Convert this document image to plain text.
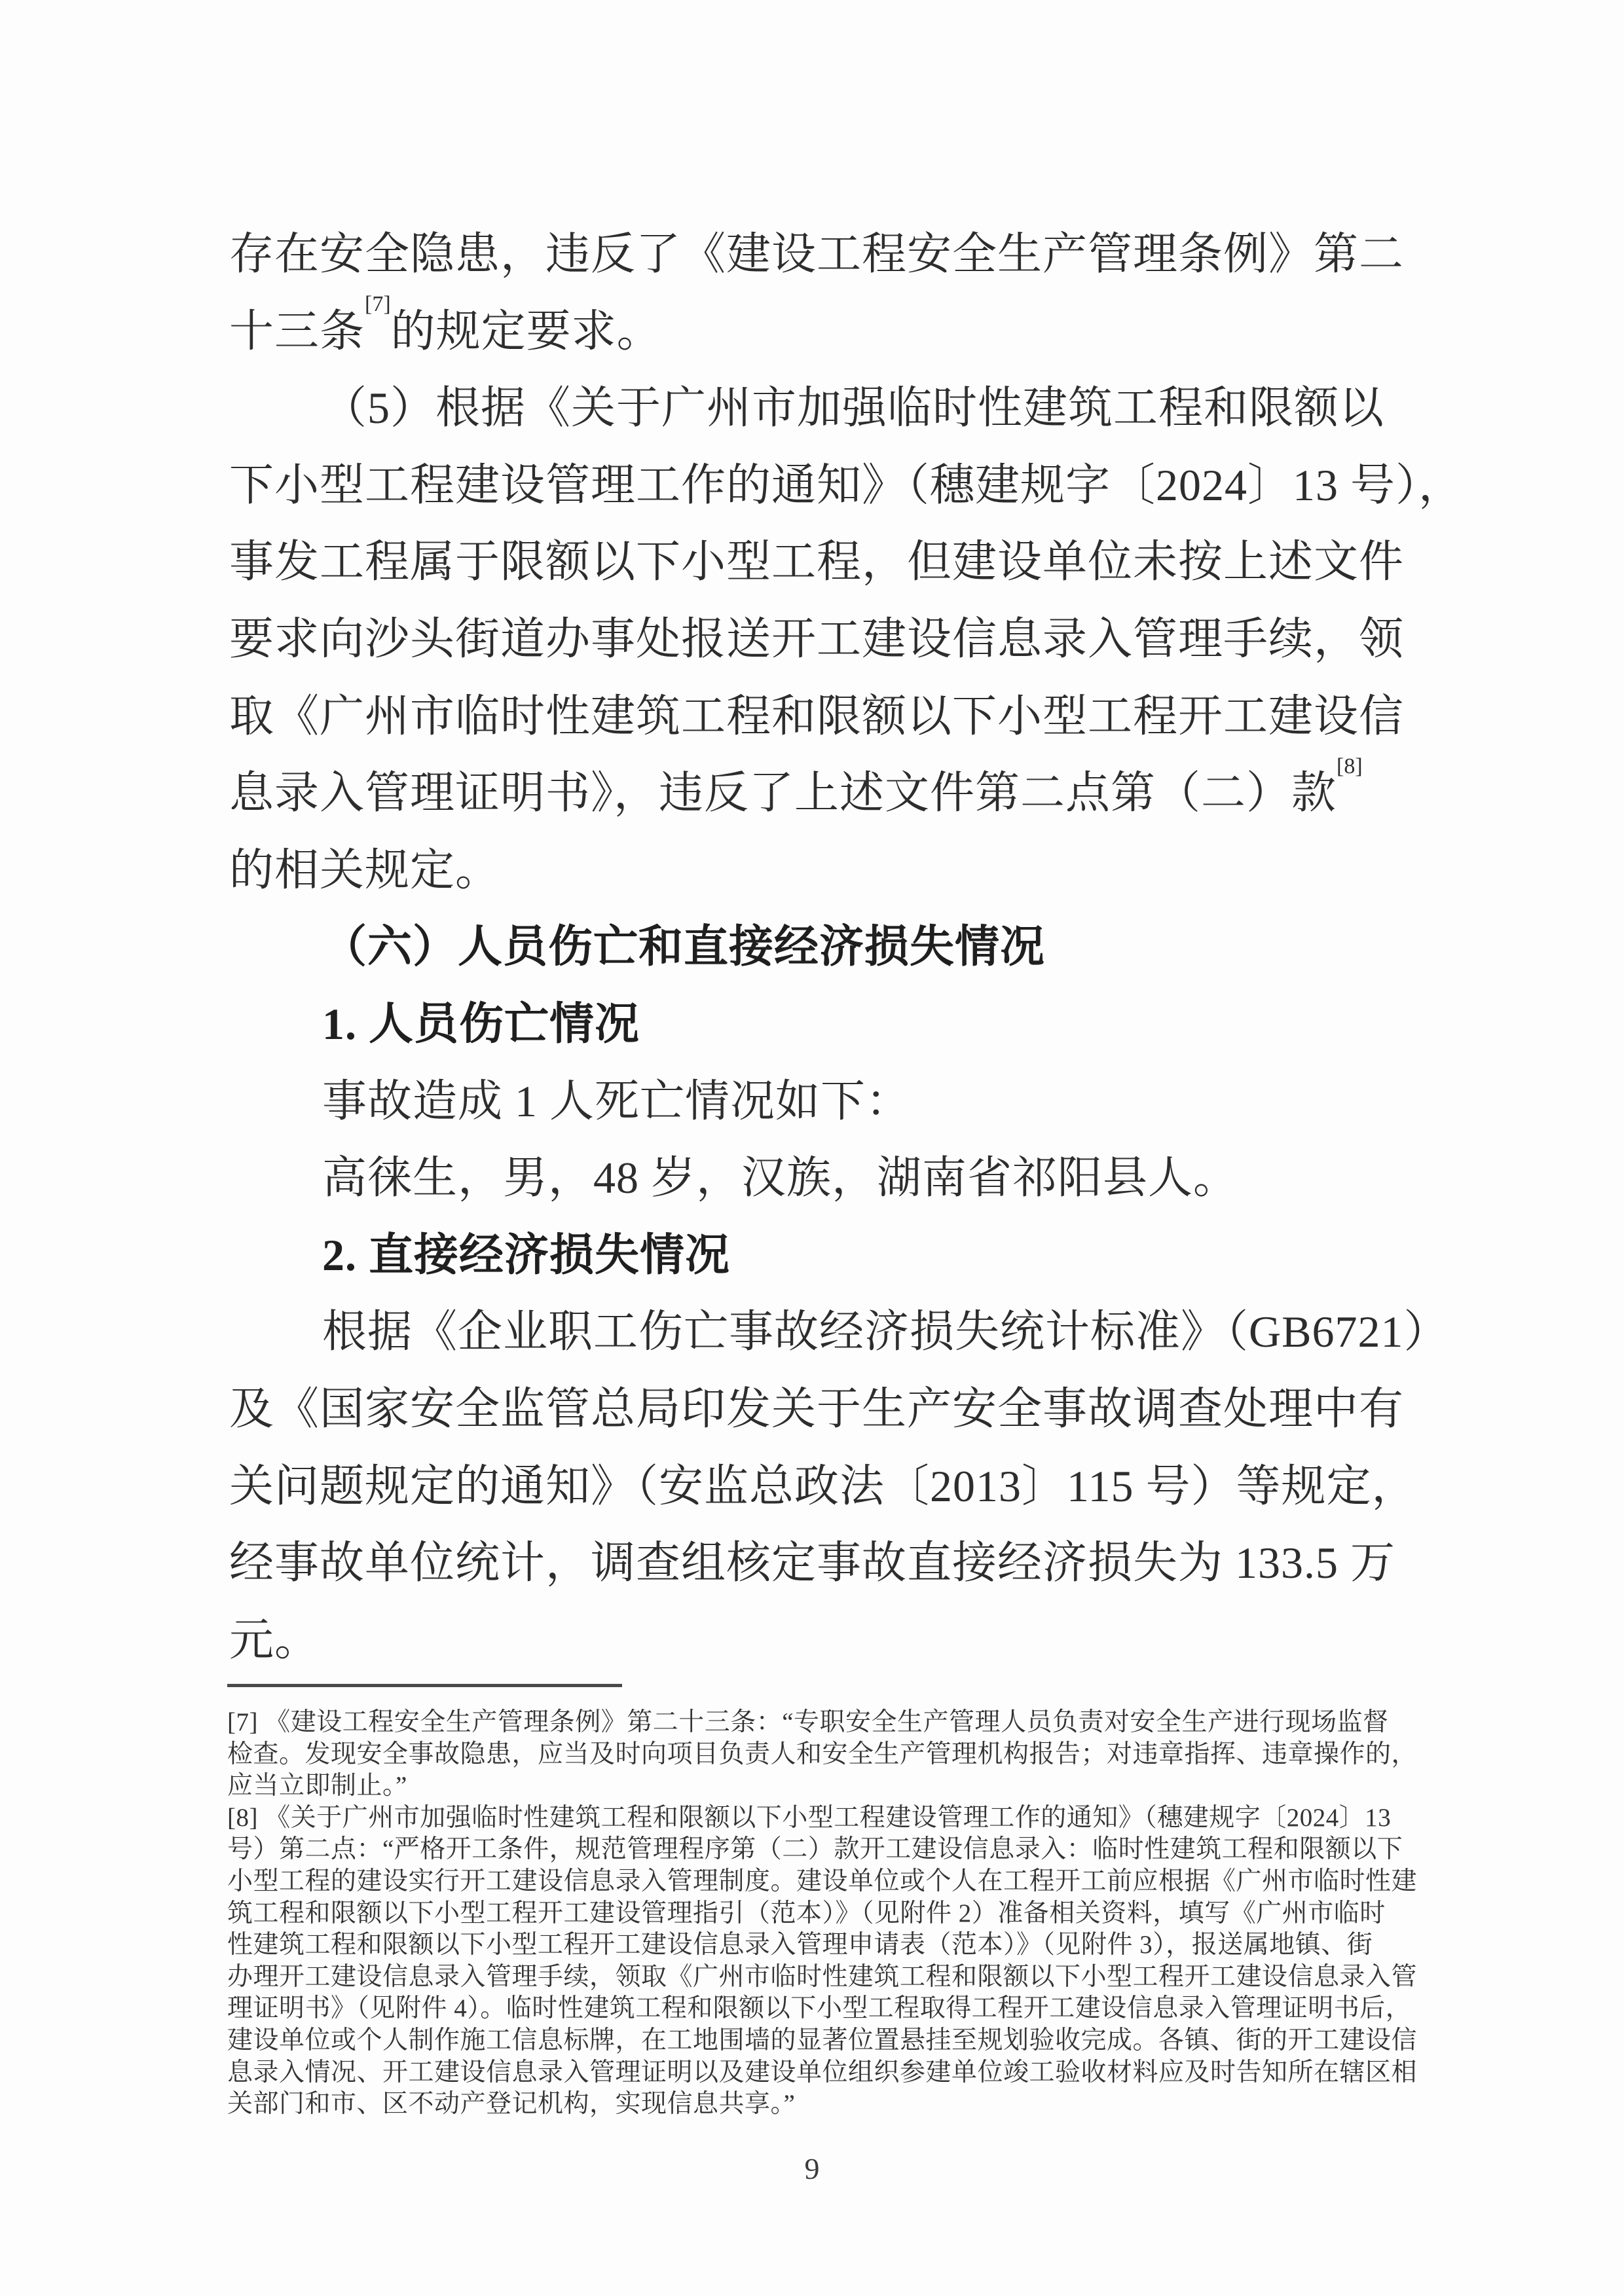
存在安全隐患，违反了《建设工程安全生产管理条例》第二

十三条[7]的规定要求。

（5）根据《关于广州市加强临时性建筑工程和限额以

下小型工程建设管理工作的通知》（穗建规字〔2024〕13 号），

事发工程属于限额以下小型工程，但建设单位未按上述文件

要求向沙头街道办事处报送开工建设信息录入管理手续，领

取《广州市临时性建筑工程和限额以下小型工程开工建设信

息录入管理证明书》，违反了上述文件第二点第（二）款[8]

的相关规定。

（六）人员伤亡和直接经济损失情况

1. 人员伤亡情况

事故造成 1 人死亡情况如下：

高徕生，男，48 岁，汉族，湖南省祁阳县人。

2. 直接经济损失情况

根据《企业职工伤亡事故经济损失统计标准》（GB6721）

及《国家安全监管总局印发关于生产安全事故调查处理中有

关问题规定的通知》（安监总政法〔2013〕115 号）等规定，

经事故单位统计，调查组核定事故直接经济损失为 133.5 万

元。

[7] 《建设工程安全生产管理条例》第二十三条：“专职安全生产管理人员负责对安全生产进行现场监督

检查。发现安全事故隐患，应当及时向项目负责人和安全生产管理机构报告；对违章指挥、违章操作的，

应当立即制止。”

[8] 《关于广州市加强临时性建筑工程和限额以下小型工程建设管理工作的通知》（穗建规字〔2024〕13

号）第二点：“严格开工条件，规范管理程序第（二）款开工建设信息录入：临时性建筑工程和限额以下

小型工程的建设实行开工建设信息录入管理制度。建设单位或个人在工程开工前应根据《广州市临时性建

筑工程和限额以下小型工程开工建设管理指引（范本）》（见附件 2）准备相关资料，填写《广州市临时

性建筑工程和限额以下小型工程开工建设信息录入管理申请表（范本）》（见附件 3），报送属地镇、街

办理开工建设信息录入管理手续，领取《广州市临时性建筑工程和限额以下小型工程开工建设信息录入管

理证明书》（见附件 4）。临时性建筑工程和限额以下小型工程取得工程开工建设信息录入管理证明书后，

建设单位或个人制作施工信息标牌，在工地围墙的显著位置悬挂至规划验收完成。各镇、街的开工建设信

息录入情况、开工建设信息录入管理证明以及建设单位组织参建单位竣工验收材料应及时告知所在辖区相

关部门和市、区不动产登记机构，实现信息共享。”

9
